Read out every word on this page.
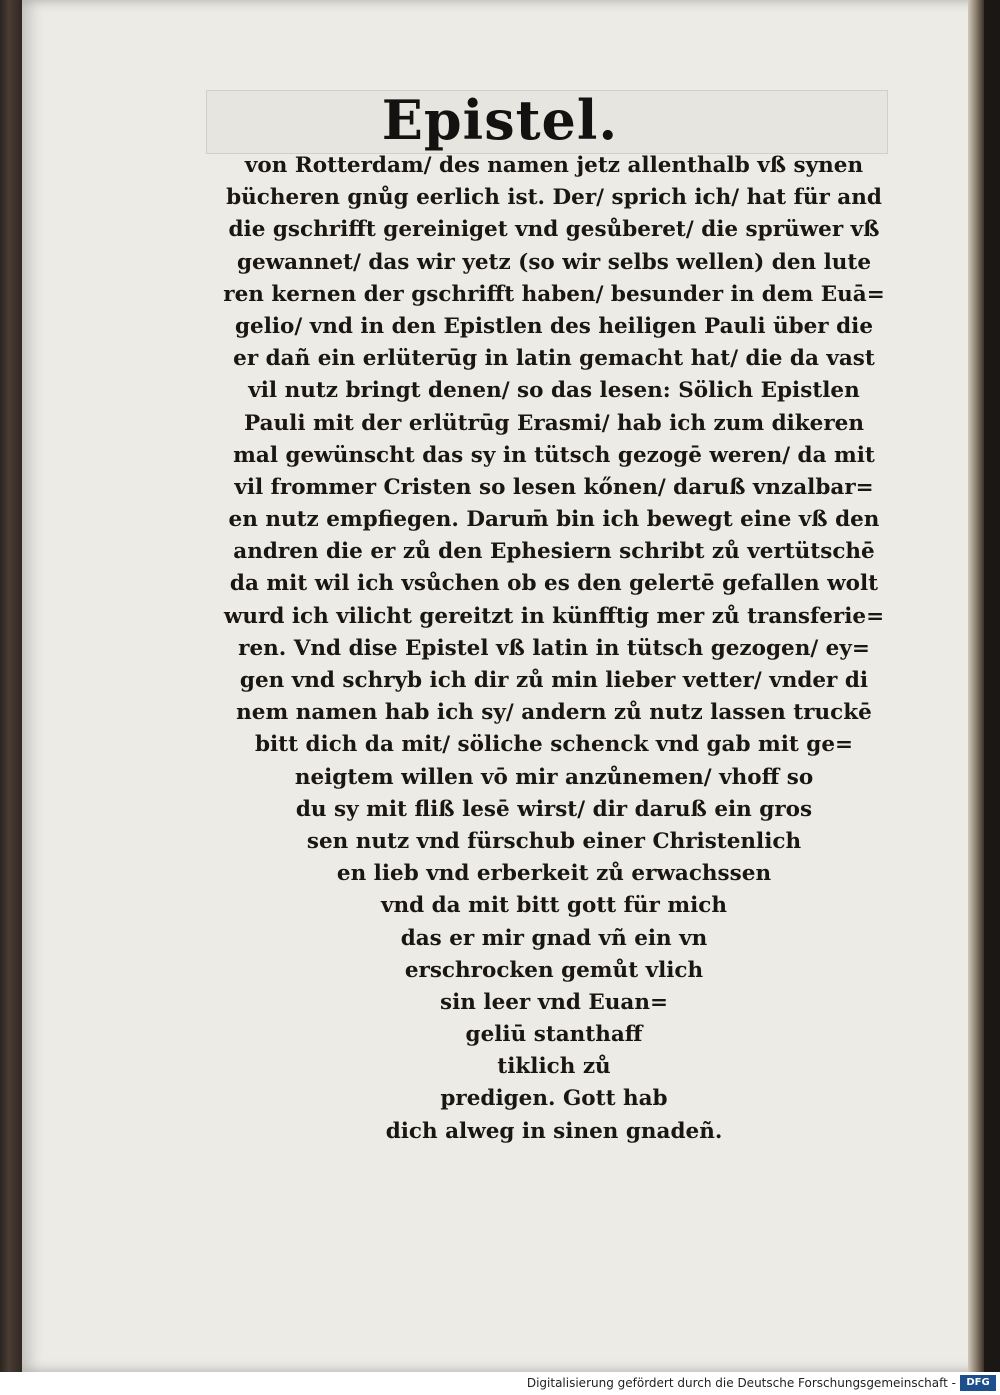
Epistel.
von Rotterdam/ des namen jetz allenthalb vß synen
bücheren gnůg eerlich ist. Der/ sprich ich/ hat für and
die gschrifft gereiniget vnd gesůberet/ die sprüwer vß
gewannet/ das wir yetz (so wir selbs wellen) den lute
ren kernen der gschrifft haben/ besunder in dem Euā=
gelio/ vnd in den Epistlen des heiligen Pauli über die
er dañ ein erlüterūg in latin gemacht hat/ die da vast
vil nutz bringt denen/ so das lesen: Sölich Epistlen
Pauli mit der erlütrūg Erasmi/ hab ich zum dikeren
mal gewünscht das sy in tütsch gezogē weren/ da mit
vil frommer Cristen so lesen kőnen/ daruß vnzalbar=
en nutz empfiegen. Darum̄ bin ich bewegt eine vß den
andren die er zů den Ephesiern schribt zů vertütschē
da mit wil ich vsůchen ob es den gelertē gefallen wolt
wurd ich vilicht gereitzt in künfftig mer zů transferie=
ren. Vnd dise Epistel vß latin in tütsch gezogen/ ey=
gen vnd schryb ich dir zů min lieber vetter/ vnder di
nem namen hab ich sy/ andern zů nutz lassen truckē
bitt dich da mit/ söliche schenck vnd gab mit ge=
neigtem willen vō mir anzůnemen/ vhoff so
du sy mit fliß lesē wirst/ dir daruß ein gros
sen nutz vnd fürschub einer Christenlich
en lieb vnd erberkeit zů erwachssen
vnd da mit bitt gott für mich
das er mir gnad vñ ein vn
erschrocken gemůt vlich
sin leer vnd Euan=
geliū stanthaff
tiklich zů
predigen. Gott hab
dich alweg in sinen gnadeñ.
Digitalisierung gefördert durch die Deutsche Forschungsgemeinschaft -	DFG
